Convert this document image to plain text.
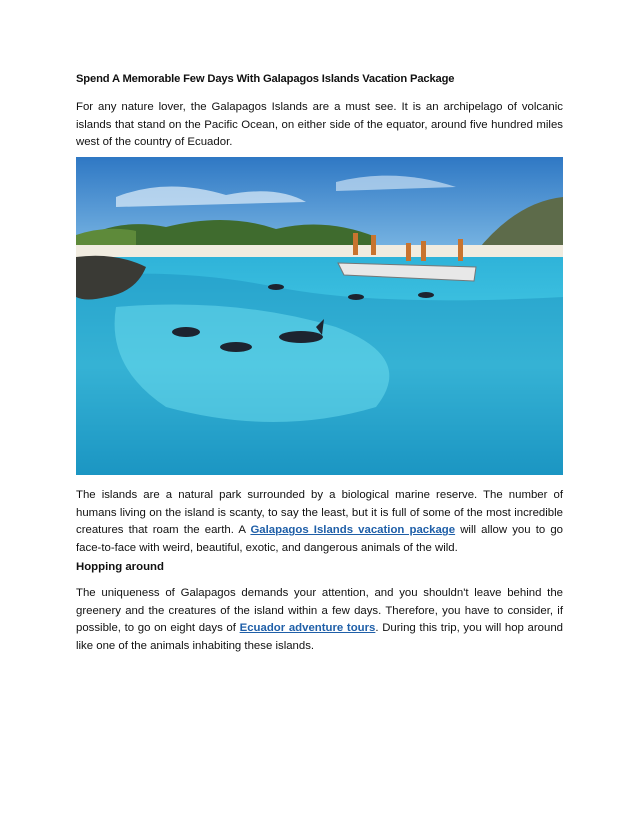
Spend A Memorable Few Days With Galapagos Islands Vacation Package

For any nature lover, the Galapagos Islands are a must see. It is an archipelago of volcanic islands that stand on the Pacific Ocean, on either side of the equator, around five hundred miles west of the country of Ecuador.

The islands are a natural park surrounded by a biological marine reserve. The number of humans living on the island is scanty, to say the least, but it is full of some of the most incredible creatures that roam the earth. A Galapagos Islands vacation package will allow you to go face-to-face with weird, beautiful, exotic, and dangerous animals of the wild.

Hopping around

The uniqueness of Galapagos demands your attention, and you shouldn't leave behind the greenery and the creatures of the island within a few days. Therefore, you have to consider, if possible, to go on eight days of Ecuador adventure tours. During this trip, you will hop around like one of the animals inhabiting these islands.
